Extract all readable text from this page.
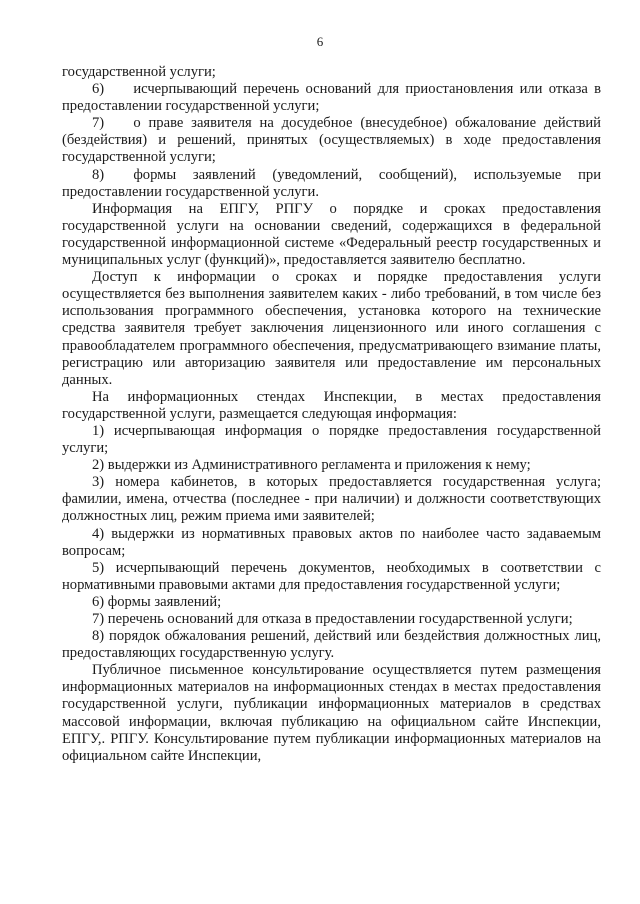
6

государственной услуги;

6)  исчерпывающий перечень оснований для приостановления или отказа в предоставлении государственной услуги;

7)  о праве заявителя на досудебное (внесудебное) обжалование действий (бездействия) и решений, принятых (осуществляемых) в ходе предоставления государственной услуги;

8)  формы заявлений (уведомлений, сообщений), используемые при предоставлении государственной услуги.

Информация на ЕПГУ, РПГУ о порядке и сроках предоставления государственной услуги на основании сведений, содержащихся в федеральной государственной информационной системе «Федеральный реестр государственных и муниципальных услуг (функций)», предоставляется заявителю бесплатно.

Доступ к информации о сроках и порядке предоставления услуги осуществляется без выполнения заявителем каких - либо требований, в том числе без использования программного обеспечения, установка которого на технические средства заявителя требует заключения лицензионного или иного соглашения с правообладателем программного обеспечения, предусматривающего взимание платы, регистрацию или авторизацию заявителя или предоставление им персональных данных.

На информационных стендах Инспекции, в местах предоставления государственной услуги, размещается следующая информация:

1) исчерпывающая информация о порядке предоставления государственной услуги;

2) выдержки из Административного регламента и приложения к нему;

3) номера кабинетов, в которых предоставляется государственная услуга; фамилии, имена, отчества (последнее - при наличии) и должности соответствующих должностных лиц, режим приема ими заявителей;

4) выдержки из нормативных правовых актов по наиболее часто задаваемым вопросам;

5) исчерпывающий перечень документов, необходимых в соответствии с нормативными правовыми актами для предоставления государственной услуги;

6) формы заявлений;

7) перечень оснований для отказа в предоставлении государственной услуги;

8) порядок обжалования решений, действий или бездействия должностных лиц, предоставляющих государственную услугу.

Публичное письменное консультирование осуществляется путем размещения информационных материалов на информационных стендах в местах предоставления государственной услуги, публикации информационных материалов в средствах массовой информации, включая публикацию на официальном сайте Инспекции, ЕПГУ,. РПГУ. Консультирование путем публикации информационных материалов на официальном сайте Инспекции,
